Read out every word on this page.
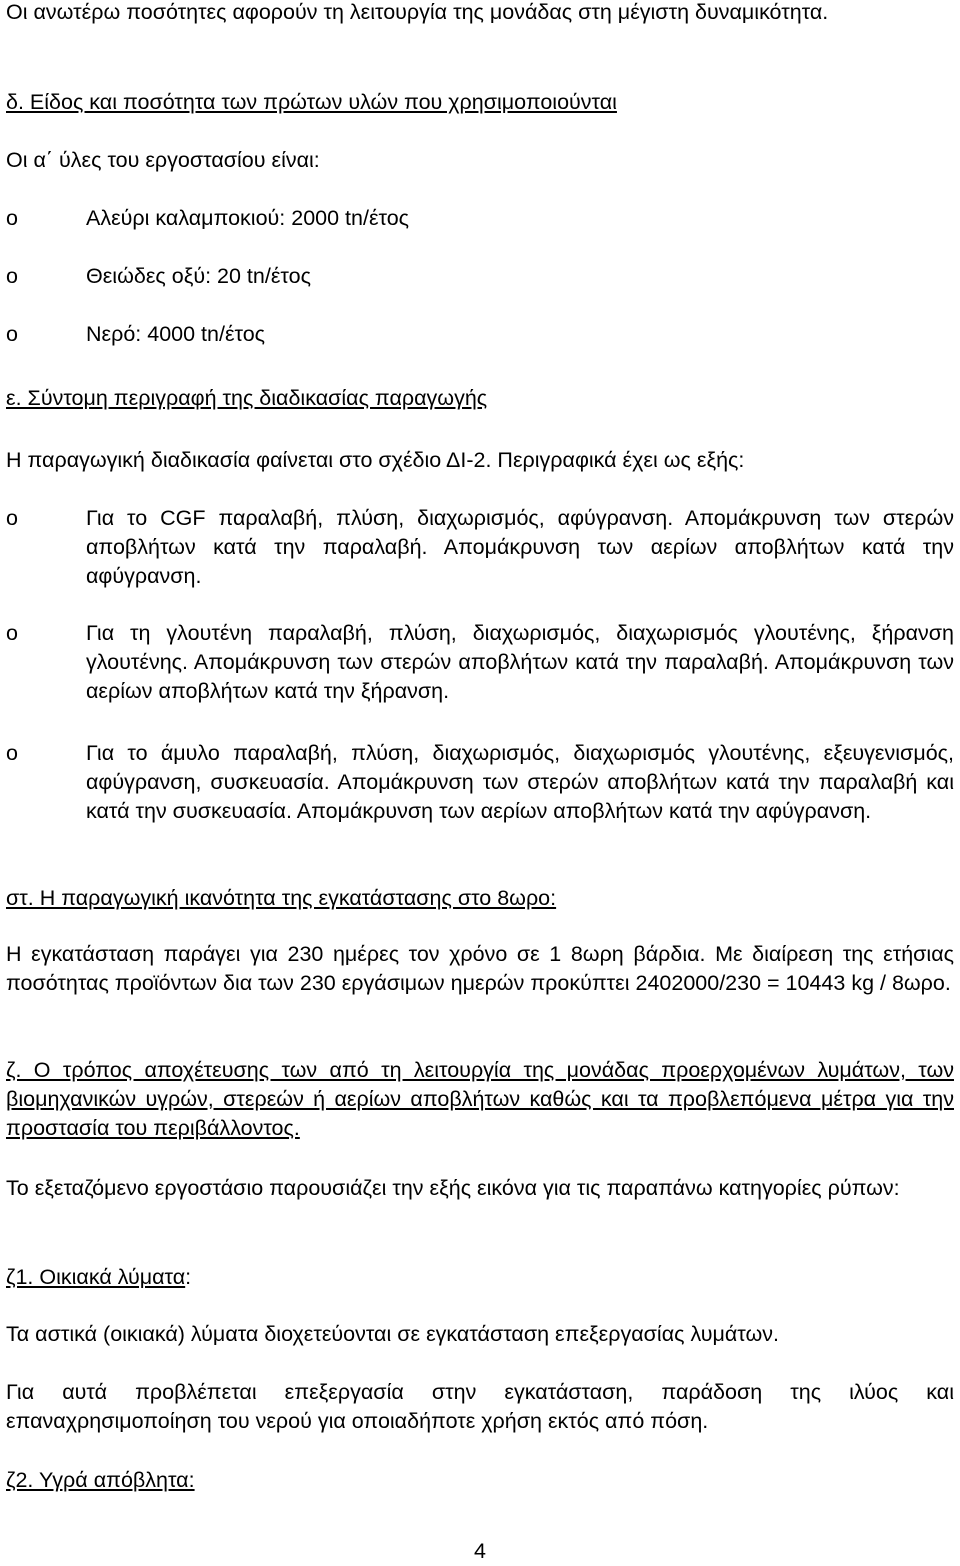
Οι ανωτέρω ποσότητες αφορούν τη λειτουργία της μονάδας στη μέγιστη δυναμικότητα.

δ. Είδος και ποσότητα των πρώτων υλών που χρησιμοποιούνται

Οι α΄ ύλες του εργοστασίου είναι:

o	Αλεύρι καλαμποκιού: 2000 tn/έτος
o	Θειώδες οξύ: 20 tn/έτος
o	Νερό: 4000 tn/έτος

ε. Σύντομη περιγραφή της διαδικασίας παραγωγής

Η παραγωγική διαδικασία φαίνεται στο σχέδιο ΔΙ-2. Περιγραφικά έχει ως εξής:

o	Για το CGF παραλαβή, πλύση, διαχωρισμός, αφύγρανση. Απομάκρυνση των στερών αποβλήτων κατά την παραλαβή. Απομάκρυνση των αερίων αποβλήτων κατά την αφύγρανση.
o	Για τη γλουτένη παραλαβή, πλύση, διαχωρισμός, διαχωρισμός γλουτένης, ξήρανση γλουτένης. Απομάκρυνση των στερών αποβλήτων κατά την παραλαβή. Απομάκρυνση των αερίων αποβλήτων κατά την ξήρανση.
o	Για το άμυλο παραλαβή, πλύση, διαχωρισμός, διαχωρισμός γλουτένης, εξευγενισμός, αφύγρανση, συσκευασία. Απομάκρυνση των στερών αποβλήτων κατά την παραλαβή και κατά την συσκευασία. Απομάκρυνση των αερίων αποβλήτων κατά την αφύγρανση.

στ. Η παραγωγική ικανότητα της εγκατάστασης στο 8ωρο:

Η εγκατάσταση παράγει για 230 ημέρες τον χρόνο σε 1 8ωρη βάρδια. Με διαίρεση της ετήσιας ποσότητας προϊόντων δια των 230 εργάσιμων ημερών προκύπτει 2402000/230 = 10443 kg / 8ωρο.

ζ. Ο τρόπος αποχέτευσης των από τη λειτουργία της μονάδας προερχομένων λυμάτων, των βιομηχανικών υγρών, στερεών ή αερίων αποβλήτων καθώς και τα προβλεπόμενα μέτρα για την προστασία του περιβάλλοντος.

Το εξεταζόμενο εργοστάσιο παρουσιάζει την εξής εικόνα για τις παραπάνω κατηγορίες ρύπων:

ζ1. Οικιακά λύματα:

Τα αστικά (οικιακά) λύματα διοχετεύονται σε εγκατάσταση επεξεργασίας λυμάτων.

Για αυτά προβλέπεται επεξεργασία στην εγκατάσταση, παράδοση της ιλύος και επαναχρησιμοποίηση του νερού για οποιαδήποτε χρήση εκτός από πόση.

ζ2. Υγρά απόβλητα:

4
